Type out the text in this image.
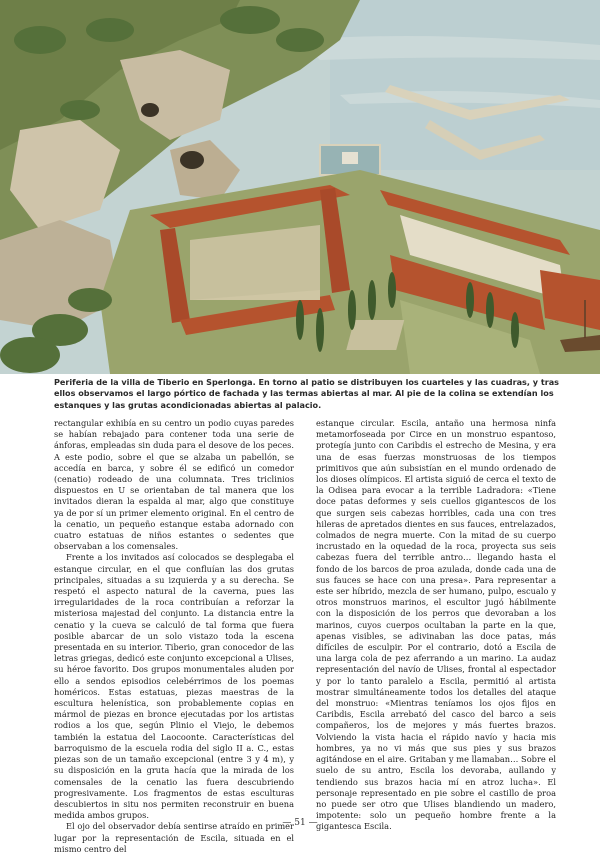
Periferia de la villa de Tiberio en Sperlonga. En torno al patio se distribuyen los cuarteles y las cuadras, y tras ellos observamos el largo pórtico de fachada y las termas abiertas al mar. Al pie de la colina se extendían los estanques y las grutas acondicionadas abiertas al palacio.

rectangular exhibía en su centro un podio cuyas paredes se habían rebajado para contener toda una serie de ánforas, empleadas sin duda para el desove de los peces. A este podio, sobre el que se alzaba un pabellón, se accedía en barca, y sobre él se edificó un comedor (cenatio) rodeado de una columnata. Tres triclinios dispuestos en U se orientaban de tal manera que los invitados dieran la espalda al mar, algo que constituye ya de por sí un primer elemento original. En el centro de la cenatio, un pequeño estanque estaba adornado con cuatro estatuas de niños estantes o sedentes que observaban a los comensales.

Frente a los invitados así colocados se desplegaba el estanque circular, en el que confluían las dos grutas principales, situadas a su izquierda y a su derecha. Se respetó el aspecto natural de la caverna, pues las irregularidades de la roca contribuían a reforzar la misteriosa majestad del conjunto. La distancia entre la cenatio y la cueva se calculó de tal forma que fuera posible abarcar de un solo vistazo toda la escena presentada en su interior. Tiberio, gran conocedor de las letras griegas, dedicó este conjunto excepcional a Ulises, su héroe favorito. Dos grupos monumentales aluden por ello a sendos episodios celebérrimos de los poemas homéricos. Estas estatuas, piezas maestras de la escultura helenística, son probablemente copias en mármol de piezas en bronce ejecutadas por los artistas rodios a los que, según Plinio el Viejo, le debemos también la estatua del Laocoonte. Características del barroquismo de la escuela rodia del siglo II a. C., estas piezas son de un tamaño excepcional (entre 3 y 4 m), y su disposición en la gruta hacía que la mirada de los comensales de la cenatio las fuera descubriendo progresivamente. Los fragmentos de estas esculturas descubiertos in situ nos permiten reconstruir en buena medida ambos grupos.

El ojo del observador debía sentirse atraído en primer lugar por la representación de Escila, situada en el mismo centro del

estanque circular. Escila, antaño una hermosa ninfa metamorfoseada por Circe en un monstruo espantoso, protegía junto con Caribdis el estrecho de Mesina, y era una de esas fuerzas monstruosas de los tiempos primitivos que aún subsistían en el mundo ordenado de los dioses olímpicos. El artista siguió de cerca el texto de la Odisea para evocar a la terrible Ladradora: «Tiene doce patas deformes y seis cuellos gigantescos de los que surgen seis cabezas horribles, cada una con tres hileras de apretados dientes en sus fauces, entrelazados, colmados de negra muerte. Con la mitad de su cuerpo incrustado en la oquedad de la roca, proyecta sus seis cabezas fuera del terrible antro… llegando hasta el fondo de los barcos de proa azulada, donde cada una de sus fauces se hace con una presa». Para representar a este ser híbrido, mezcla de ser humano, pulpo, escualo y otros monstruos marinos, el escultor jugó hábilmente con la disposición de los perros que devoraban a los marinos, cuyos cuerpos ocultaban la parte en la que, apenas visibles, se adivinaban las doce patas, más difíciles de esculpir. Por el contrario, dotó a Escila de una larga cola de pez aferrando a un marino. La audaz representación del navío de Ulises, frontal al espectador y por lo tanto paralelo a Escila, permitió al artista mostrar simultáneamente todos los detalles del ataque del monstruo: «Mientras teníamos los ojos fijos en Caribdis, Escila arrebató del casco del barco a seis compañeros, los de mejores y más fuertes brazos. Volviendo la vista hacia el rápido navío y hacia mis hombres, ya no vi más que sus pies y sus brazos agitándose en el aire. Gritaban y me llamaban… Sobre el suelo de su antro, Escila los devoraba, aullando y tendiendo sus brazos hacia mí en atroz lucha». El personaje representado en pie sobre el castillo de proa no puede ser otro que Ulises blandiendo un madero, impotente: solo un pequeño hombre frente a la gigantesca Escila.

— 51 —
